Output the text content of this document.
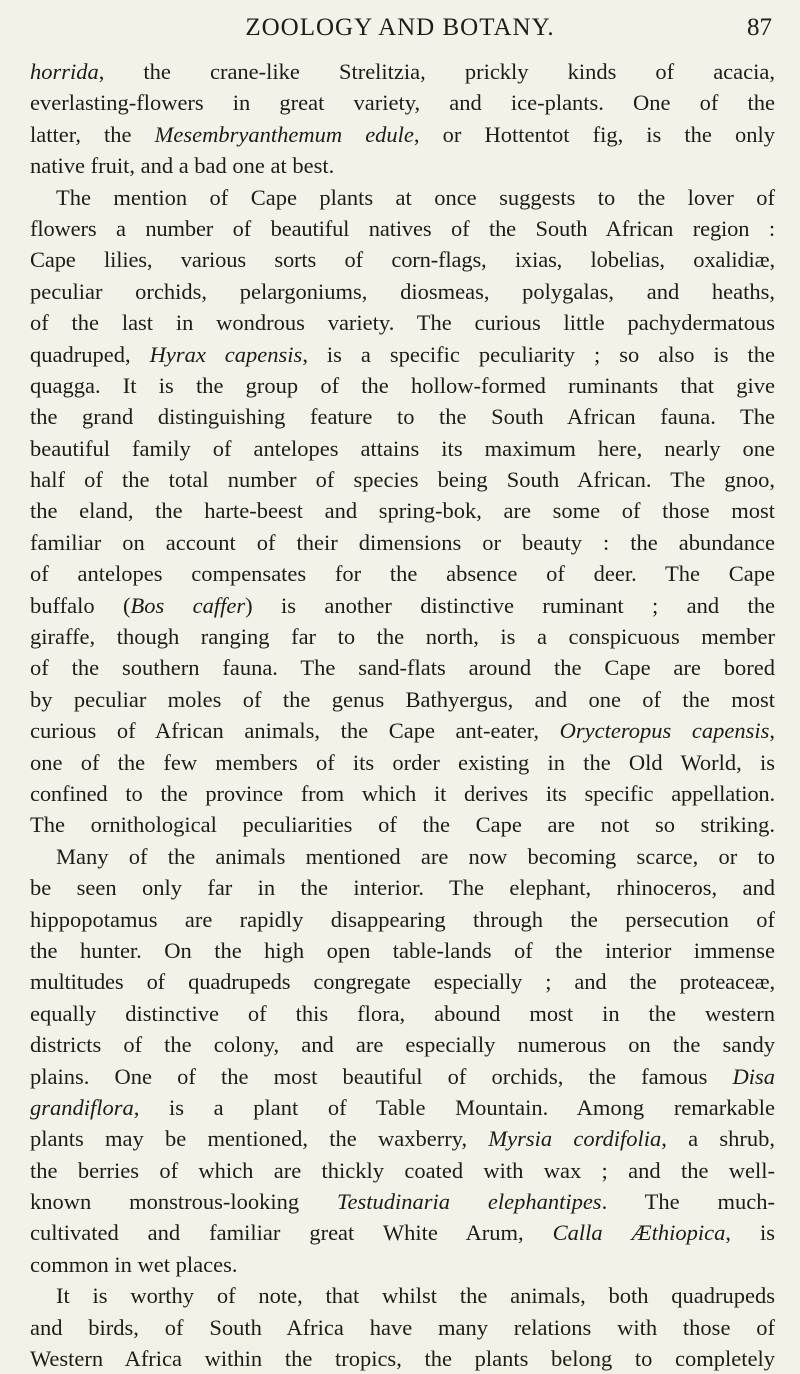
ZOOLOGY AND BOTANY.	87
horrida, the crane-like Strelitzia, prickly kinds of acacia,
everlasting-flowers in great variety, and ice-plants. One of the
latter, the Mesembryanthemum edule, or Hottentot fig, is the only
native fruit, and a bad one at best.
The mention of Cape plants at once suggests to the lover of
flowers a number of beautiful natives of the South African region :
Cape lilies, various sorts of corn-flags, ixias, lobelias, oxalidiæ,
peculiar orchids, pelargoniums, diosmeas, polygalas, and heaths,
of the last in wondrous variety. The curious little pachydermatous
quadruped, Hyrax capensis, is a specific peculiarity ; so also is the
quagga. It is the group of the hollow-formed ruminants that give
the grand distinguishing feature to the South African fauna. The
beautiful family of antelopes attains its maximum here, nearly one
half of the total number of species being South African. The gnoo,
the eland, the harte-beest and spring-bok, are some of those most
familiar on account of their dimensions or beauty : the abundance
of antelopes compensates for the absence of deer. The Cape
buffalo (Bos caffer) is another distinctive ruminant ; and the
giraffe, though ranging far to the north, is a conspicuous member
of the southern fauna. The sand-flats around the Cape are bored
by peculiar moles of the genus Bathyergus, and one of the most
curious of African animals, the Cape ant-eater, Orycteropus capensis,
one of the few members of its order existing in the Old World, is
confined to the province from which it derives its specific appellation.
The ornithological peculiarities of the Cape are not so striking.
Many of the animals mentioned are now becoming scarce, or to
be seen only far in the interior. The elephant, rhinoceros, and
hippopotamus are rapidly disappearing through the persecution of
the hunter. On the high open table-lands of the interior immense
multitudes of quadrupeds congregate especially ; and the proteaceæ,
equally distinctive of this flora, abound most in the western
districts of the colony, and are especially numerous on the sandy
plains. One of the most beautiful of orchids, the famous Disa
grandiflora, is a plant of Table Mountain. Among remarkable
plants may be mentioned, the waxberry, Myrsia cordifolia, a shrub,
the berries of which are thickly coated with wax ; and the well-
known monstrous-looking Testudinaria elephantipes. The much-
cultivated and familiar great White Arum, Calla Æthiopica, is
common in wet places.
It is worthy of note, that whilst the animals, both quadrupeds
and birds, of South Africa have many relations with those of
Western Africa within the tropics, the plants belong to completely
